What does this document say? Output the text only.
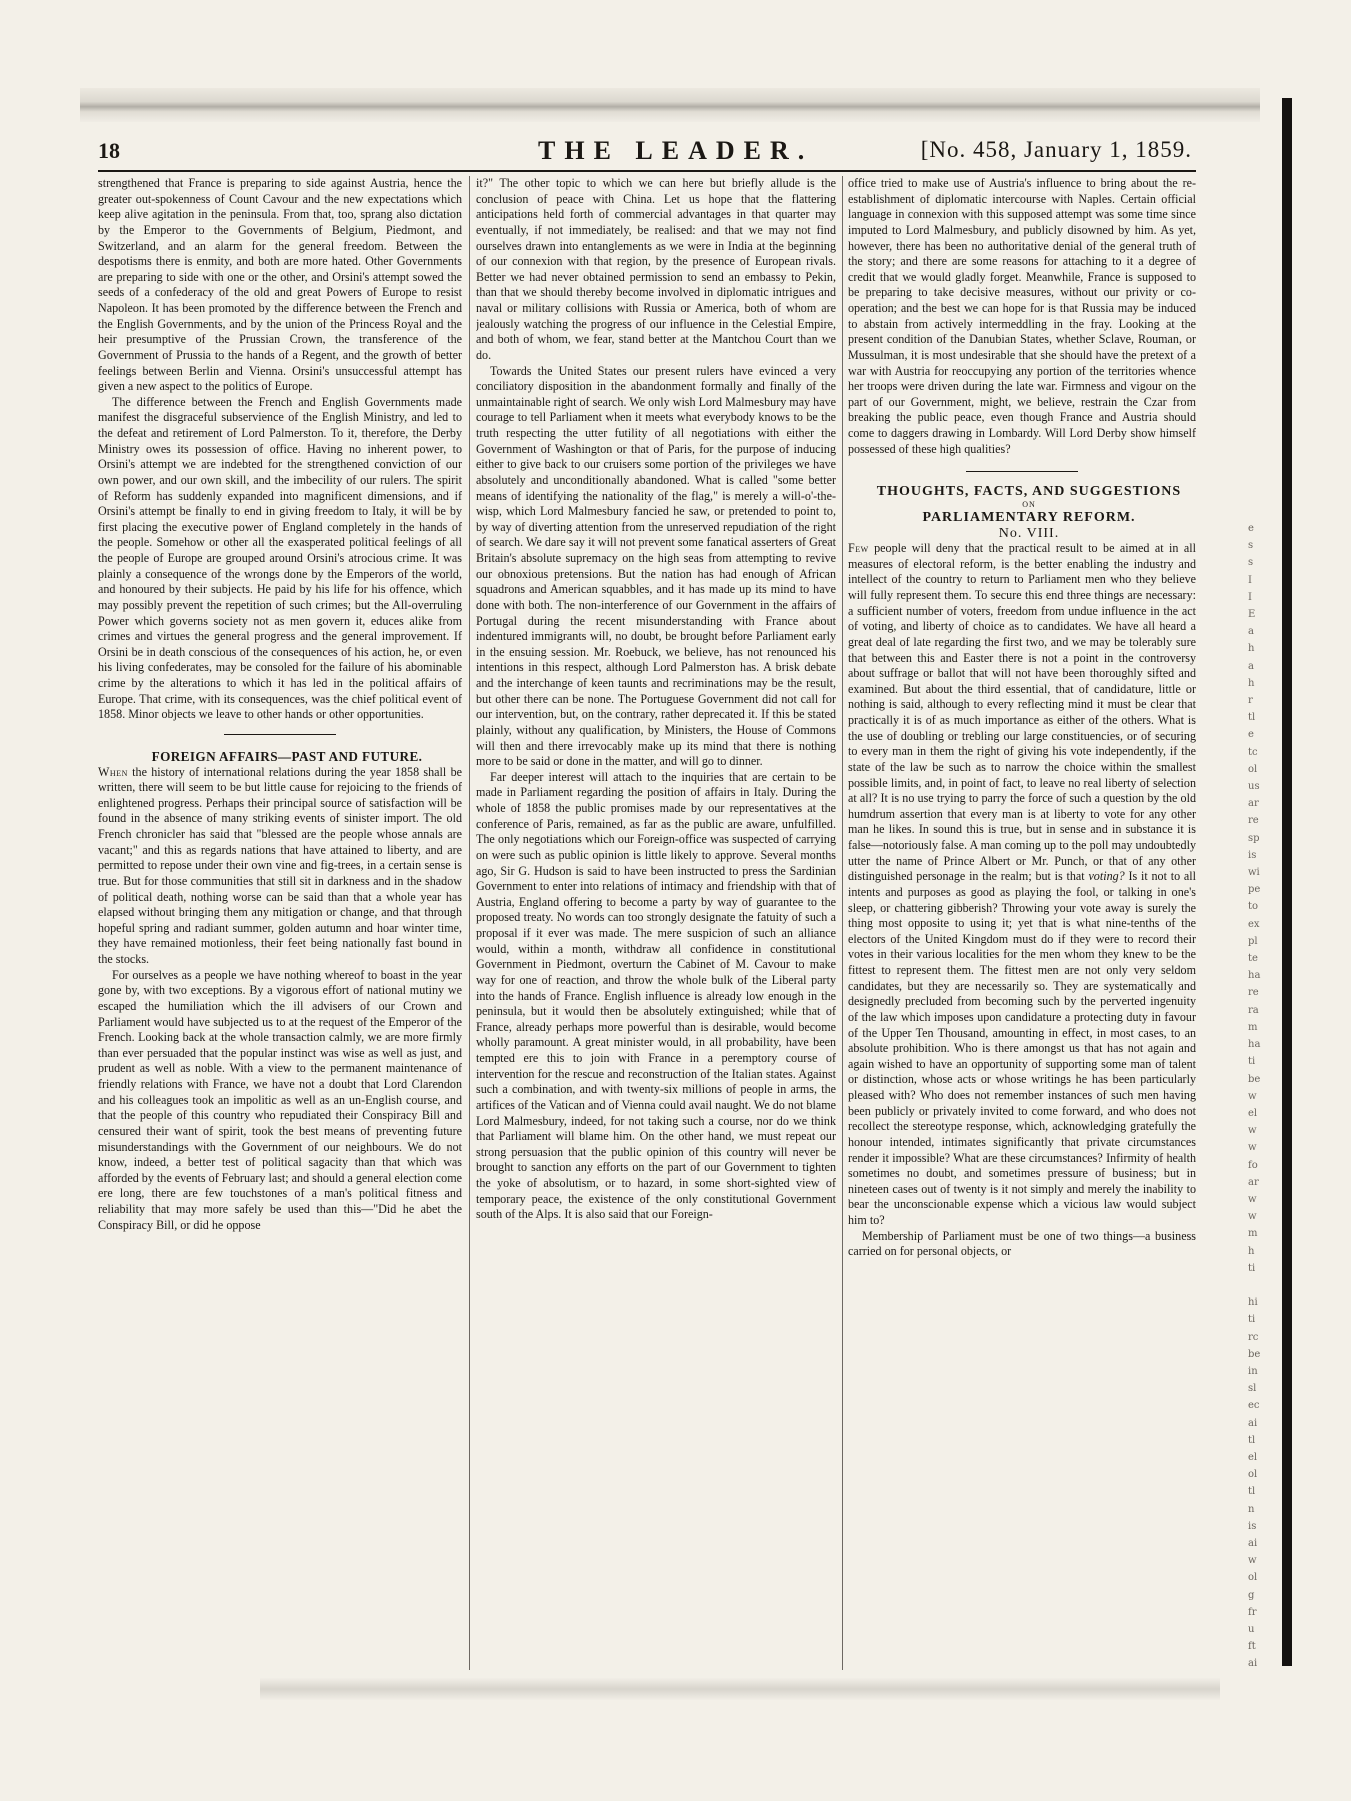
18	THE LEADER.	[No. 458, January 1, 1859.

strengthened that France is preparing to side against Austria, hence the greater out-spokenness of Count Cavour and the new expectations which keep alive agitation in the peninsula. From that, too, sprang also dictation by the Emperor to the Governments of Belgium, Piedmont, and Switzerland, and an alarm for the general freedom. Between the despotisms there is enmity, and both are more hated. Other Governments are preparing to side with one or the other, and Orsini's attempt sowed the seeds of a confederacy of the old and great Powers of Europe to resist Napoleon. It has been promoted by the difference between the French and the English Governments, and by the union of the Princess Royal and the heir presumptive of the Prussian Crown, the transference of the Government of Prussia to the hands of a Regent, and the growth of better feelings between Berlin and Vienna. Orsini's unsuccessful attempt has given a new aspect to the politics of Europe.

The difference between the French and English Governments made manifest the disgraceful subservience of the English Ministry, and led to the defeat and retirement of Lord Palmerston. To it, therefore, the Derby Ministry owes its possession of office. Having no inherent power, to Orsini's attempt we are indebted for the strengthened conviction of our own power, and our own skill, and the imbecility of our rulers. The spirit of Reform has suddenly expanded into magnificent dimensions, and if Orsini's attempt be finally to end in giving freedom to Italy, it will be by first placing the executive power of England completely in the hands of the people. Somehow or other all the exasperated political feelings of all the people of Europe are grouped around Orsini's atrocious crime. It was plainly a consequence of the wrongs done by the Emperors of the world, and honoured by their subjects. He paid by his life for his offence, which may possibly prevent the repetition of such crimes; but the All-overruling Power which governs society not as men govern it, educes alike from crimes and virtues the general progress and the general improvement. If Orsini be in death conscious of the consequences of his action, he, or even his living confederates, may be consoled for the failure of his abominable crime by the alterations to which it has led in the political affairs of Europe. That crime, with its consequences, was the chief political event of 1858. Minor objects we leave to other hands or other opportunities.

FOREIGN AFFAIRS—PAST AND FUTURE.

When the history of international relations during the year 1858 shall be written, there will seem to be but little cause for rejoicing to the friends of enlightened progress. Perhaps their principal source of satisfaction will be found in the absence of many striking events of sinister import. The old French chronicler has said that "blessed are the people whose annals are vacant;" and this as regards nations that have attained to liberty, and are permitted to repose under their own vine and fig-trees, in a certain sense is true. But for those communities that still sit in darkness and in the shadow of political death, nothing worse can be said than that a whole year has elapsed without bringing them any mitigation or change, and that through hopeful spring and radiant summer, golden autumn and hoar winter time, they have remained motionless, their feet being nationally fast bound in the stocks.

For ourselves as a people we have nothing whereof to boast in the year gone by, with two exceptions. By a vigorous effort of national mutiny we escaped the humiliation which the ill advisers of our Crown and Parliament would have subjected us to at the request of the Emperor of the French. Looking back at the whole transaction calmly, we are more firmly than ever persuaded that the popular instinct was wise as well as just, and prudent as well as noble. With a view to the permanent maintenance of friendly relations with France, we have not a doubt that Lord Clarendon and his colleagues took an impolitic as well as an un-English course, and that the people of this country who repudiated their Conspiracy Bill and censured their want of spirit, took the best means of preventing future misunderstandings with the Government of our neighbours. We do not know, indeed, a better test of political sagacity than that which was afforded by the events of February last; and should a general election come ere long, there are few touchstones of a man's political fitness and reliability that may more safely be used than this—"Did he abet the Conspiracy Bill, or did he oppose

it?" The other topic to which we can here but briefly allude is the conclusion of peace with China. Let us hope that the flattering anticipations held forth of commercial advantages in that quarter may eventually, if not immediately, be realised: and that we may not find ourselves drawn into entanglements as we were in India at the beginning of our connexion with that region, by the presence of European rivals. Better we had never obtained permission to send an embassy to Pekin, than that we should thereby become involved in diplomatic intrigues and naval or military collisions with Russia or America, both of whom are jealously watching the progress of our influence in the Celestial Empire, and both of whom, we fear, stand better at the Mantchou Court than we do.

Towards the United States our present rulers have evinced a very conciliatory disposition in the abandonment formally and finally of the unmaintainable right of search. We only wish Lord Malmesbury may have courage to tell Parliament when it meets what everybody knows to be the truth respecting the utter futility of all negotiations with either the Government of Washington or that of Paris, for the purpose of inducing either to give back to our cruisers some portion of the privileges we have absolutely and unconditionally abandoned. What is called "some better means of identifying the nationality of the flag," is merely a will-o'-the-wisp, which Lord Malmesbury fancied he saw, or pretended to point to, by way of diverting attention from the unreserved repudiation of the right of search. We dare say it will not prevent some fanatical asserters of Great Britain's absolute supremacy on the high seas from attempting to revive our obnoxious pretensions. But the nation has had enough of African squadrons and American squabbles, and it has made up its mind to have done with both. The non-interference of our Government in the affairs of Portugal during the recent misunderstanding with France about indentured immigrants will, no doubt, be brought before Parliament early in the ensuing session. Mr. Roebuck, we believe, has not renounced his intentions in this respect, although Lord Palmerston has. A brisk debate and the interchange of keen taunts and recriminations may be the result, but other there can be none. The Portuguese Government did not call for our intervention, but, on the contrary, rather deprecated it. If this be stated plainly, without any qualification, by Ministers, the House of Commons will then and there irrevocably make up its mind that there is nothing more to be said or done in the matter, and will go to dinner.

Far deeper interest will attach to the inquiries that are certain to be made in Parliament regarding the position of affairs in Italy. During the whole of 1858 the public promises made by our representatives at the conference of Paris, remained, as far as the public are aware, unfulfilled. The only negotiations which our Foreign-office was suspected of carrying on were such as public opinion is little likely to approve. Several months ago, Sir G. Hudson is said to have been instructed to press the Sardinian Government to enter into relations of intimacy and friendship with that of Austria, England offering to become a party by way of guarantee to the proposed treaty. No words can too strongly designate the fatuity of such a proposal if it ever was made. The mere suspicion of such an alliance would, within a month, withdraw all confidence in constitutional Government in Piedmont, overturn the Cabinet of M. Cavour to make way for one of reaction, and throw the whole bulk of the Liberal party into the hands of France. English influence is already low enough in the peninsula, but it would then be absolutely extinguished; while that of France, already perhaps more powerful than is desirable, would become wholly paramount. A great minister would, in all probability, have been tempted ere this to join with France in a peremptory course of intervention for the rescue and reconstruction of the Italian states. Against such a combination, and with twenty-six millions of people in arms, the artifices of the Vatican and of Vienna could avail naught. We do not blame Lord Malmesbury, indeed, for not taking such a course, nor do we think that Parliament will blame him. On the other hand, we must repeat our strong persuasion that the public opinion of this country will never be brought to sanction any efforts on the part of our Government to tighten the yoke of absolutism, or to hazard, in some short-sighted view of temporary peace, the existence of the only constitutional Government south of the Alps. It is also said that our Foreign-

office tried to make use of Austria's influence to bring about the re-establishment of diplomatic intercourse with Naples. Certain official language in connexion with this supposed attempt was some time since imputed to Lord Malmesbury, and publicly disowned by him. As yet, however, there has been no authoritative denial of the general truth of the story; and there are some reasons for attaching to it a degree of credit that we would gladly forget. Meanwhile, France is supposed to be preparing to take decisive measures, without our privity or co-operation; and the best we can hope for is that Russia may be induced to abstain from actively intermeddling in the fray. Looking at the present condition of the Danubian States, whether Sclave, Rouman, or Mussulman, it is most undesirable that she should have the pretext of a war with Austria for reoccupying any portion of the territories whence her troops were driven during the late war. Firmness and vigour on the part of our Government, might, we believe, restrain the Czar from breaking the public peace, even though France and Austria should come to daggers drawing in Lombardy. Will Lord Derby show himself possessed of these high qualities?

THOUGHTS, FACTS, AND SUGGESTIONS

ON

PARLIAMENTARY REFORM.

No. VIII.

Few people will deny that the practical result to be aimed at in all measures of electoral reform, is the better enabling the industry and intellect of the country to return to Parliament men who they believe will fully represent them. To secure this end three things are necessary: a sufficient number of voters, freedom from undue influence in the act of voting, and liberty of choice as to candidates. We have all heard a great deal of late regarding the first two, and we may be tolerably sure that between this and Easter there is not a point in the controversy about suffrage or ballot that will not have been thoroughly sifted and examined. But about the third essential, that of candidature, little or nothing is said, although to every reflecting mind it must be clear that practically it is of as much importance as either of the others. What is the use of doubling or trebling our large constituencies, or of securing to every man in them the right of giving his vote independently, if the state of the law be such as to narrow the choice within the smallest possible limits, and, in point of fact, to leave no real liberty of selection at all? It is no use trying to parry the force of such a question by the old humdrum assertion that every man is at liberty to vote for any other man he likes. In sound this is true, but in sense and in substance it is false—notoriously false. A man coming up to the poll may undoubtedly utter the name of Prince Albert or Mr. Punch, or that of any other distinguished personage in the realm; but is that voting? Is it not to all intents and purposes as good as playing the fool, or talking in one's sleep, or chattering gibberish? Throwing your vote away is surely the thing most opposite to using it; yet that is what nine-tenths of the electors of the United Kingdom must do if they were to record their votes in their various localities for the men whom they knew to be the fittest to represent them. The fittest men are not only very seldom candidates, but they are necessarily so. They are systematically and designedly precluded from becoming such by the perverted ingenuity of the law which imposes upon candidature a protecting duty in favour of the Upper Ten Thousand, amounting in effect, in most cases, to an absolute prohibition. Who is there amongst us that has not again and again wished to have an opportunity of supporting some man of talent or distinction, whose acts or whose writings he has been particularly pleased with? Who does not remember instances of such men having been publicly or privately invited to come forward, and who does not recollect the stereotype response, which, acknowledging gratefully the honour intended, intimates significantly that private circumstances render it impossible? What are these circumstances? Infirmity of health sometimes no doubt, and sometimes pressure of business; but in nineteen cases out of twenty is it not simply and merely the inability to bear the unconscionable expense which a vicious law would subject him to?

Membership of Parliament must be one of two things—a business carried on for personal objects, or

e
s
s
I
I
E
a
h
a
h
r
tl
e
tc
ol
us
ar
re
sp
is
wi
pe
to
ex
pl
te
ha
re
ra
m
ha
ti
be
w
el
w
w
fo
ar
w
w
m
h
ti

hi
ti
rc
be
in
sl
ec
ai
tl
el
ol
tl
n
is
ai
w
ol
g
fr
u
ft
ai
